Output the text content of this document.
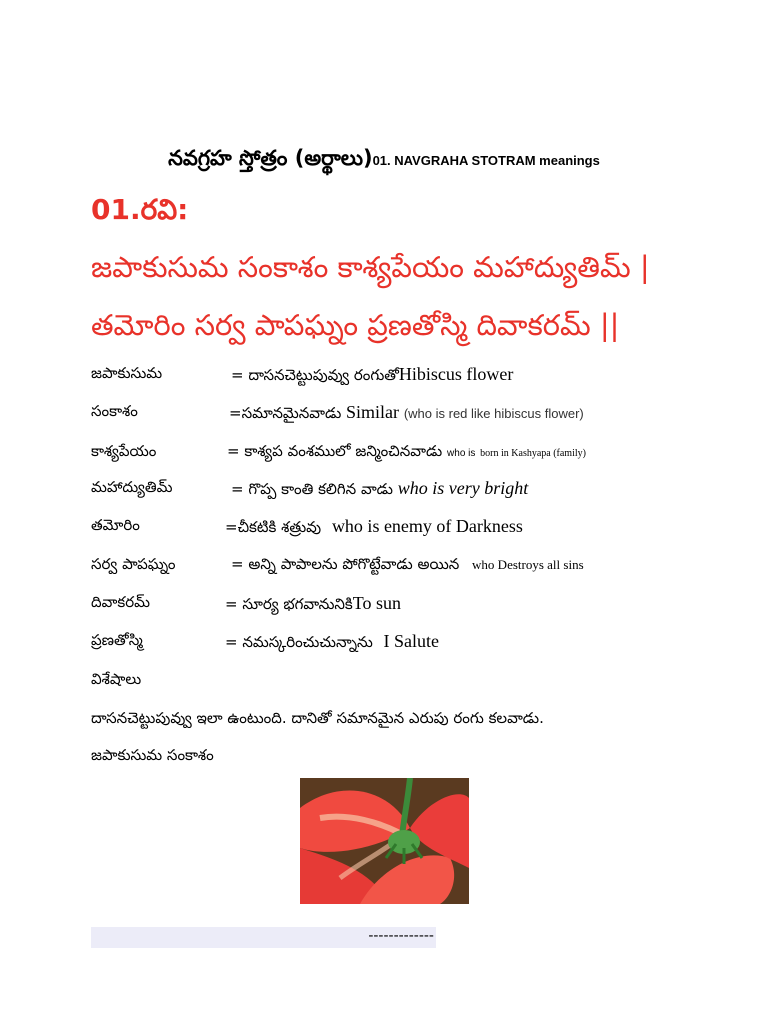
నవగ్రహ స్తోత్రం (అర్థాలు)01. NAVGRAHA STOTRAM meanings
01.రవి:
జపాకుసుమ సంకాశం కాశ్యపేయం మహాద్యుతిమ్ |
తమోరిం సర్వ పాపఘ్నం ప్రణతోస్మి దివాకరమ్ ||
జపాకుసుమ	= దాసనచెట్టుపువ్వు రంగుతోHibiscus flower
సంకాశం	=సమానమైనవాడు Similar (who is red like hibiscus flower)
కాశ్యపేయం	= కాశ్యప వంశములో జన్మించినవాడు who is born in Kashyapa (family)
మహాద్యుతిమ్	= గొప్ప కాంతి కలిగిన వాడు who is very bright
తమోరిం	=చీకటికి శత్రువు who is enemy of Darkness
సర్వ పాపఘ్నం	= అన్ని పాపాలను పోగొట్టేవాడు అయిన who Destroys all sins
దివాకరమ్	= సూర్య భగవానునికిTo sun
ప్రణతోస్మి	= నమస్కరించుచున్నాను I Salute
విశేషాలు
దాసనచెట్టుపువ్వు ఇలా ఉంటుంది. దానితో సమానమైన ఎరుపు రంగు కలవాడు.
జపాకుసుమ సంకాశం
-------------
